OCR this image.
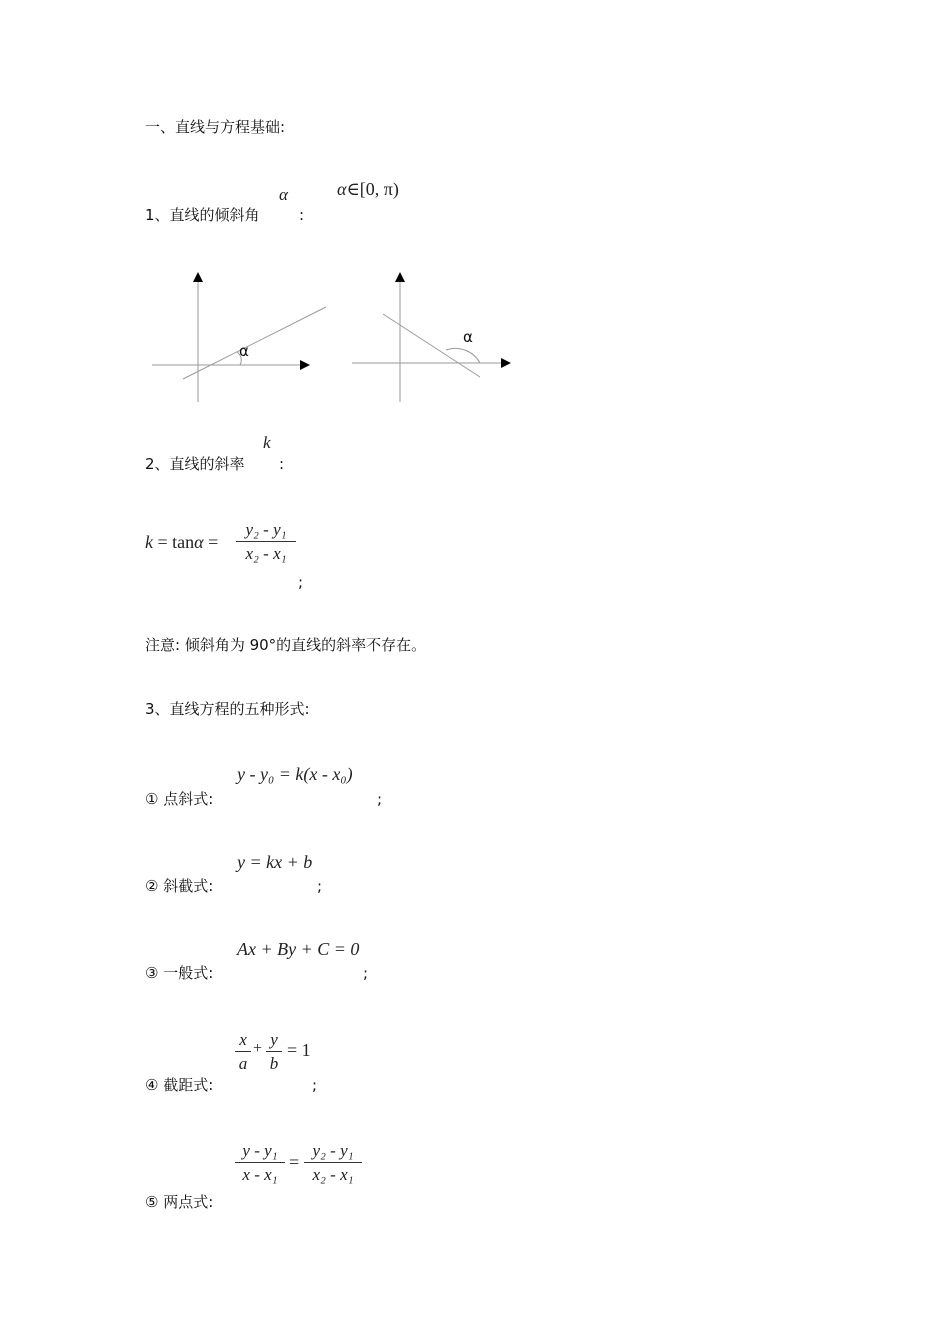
一、直线与方程基础:
1、直线的倾斜角
α
:
α∈[0, π)
α
α
2、直线的斜率
k
:
k = tanα =
y₂ - y₁
x₂ - x₁
;
注意: 倾斜角为 90°的直线的斜率不存在。
3、直线方程的五种形式:
① 点斜式:
y - y₀ = k(x - x₀)
;
② 斜截式:
y = kx + b
;
③ 一般式:
Ax + By + C = 0
;
④ 截距式:
x
a
+ y
b
= 1
;
⑤ 两点式:
y - y₁
x - x₁
=
y₂ - y₁
x₂ - x₁
